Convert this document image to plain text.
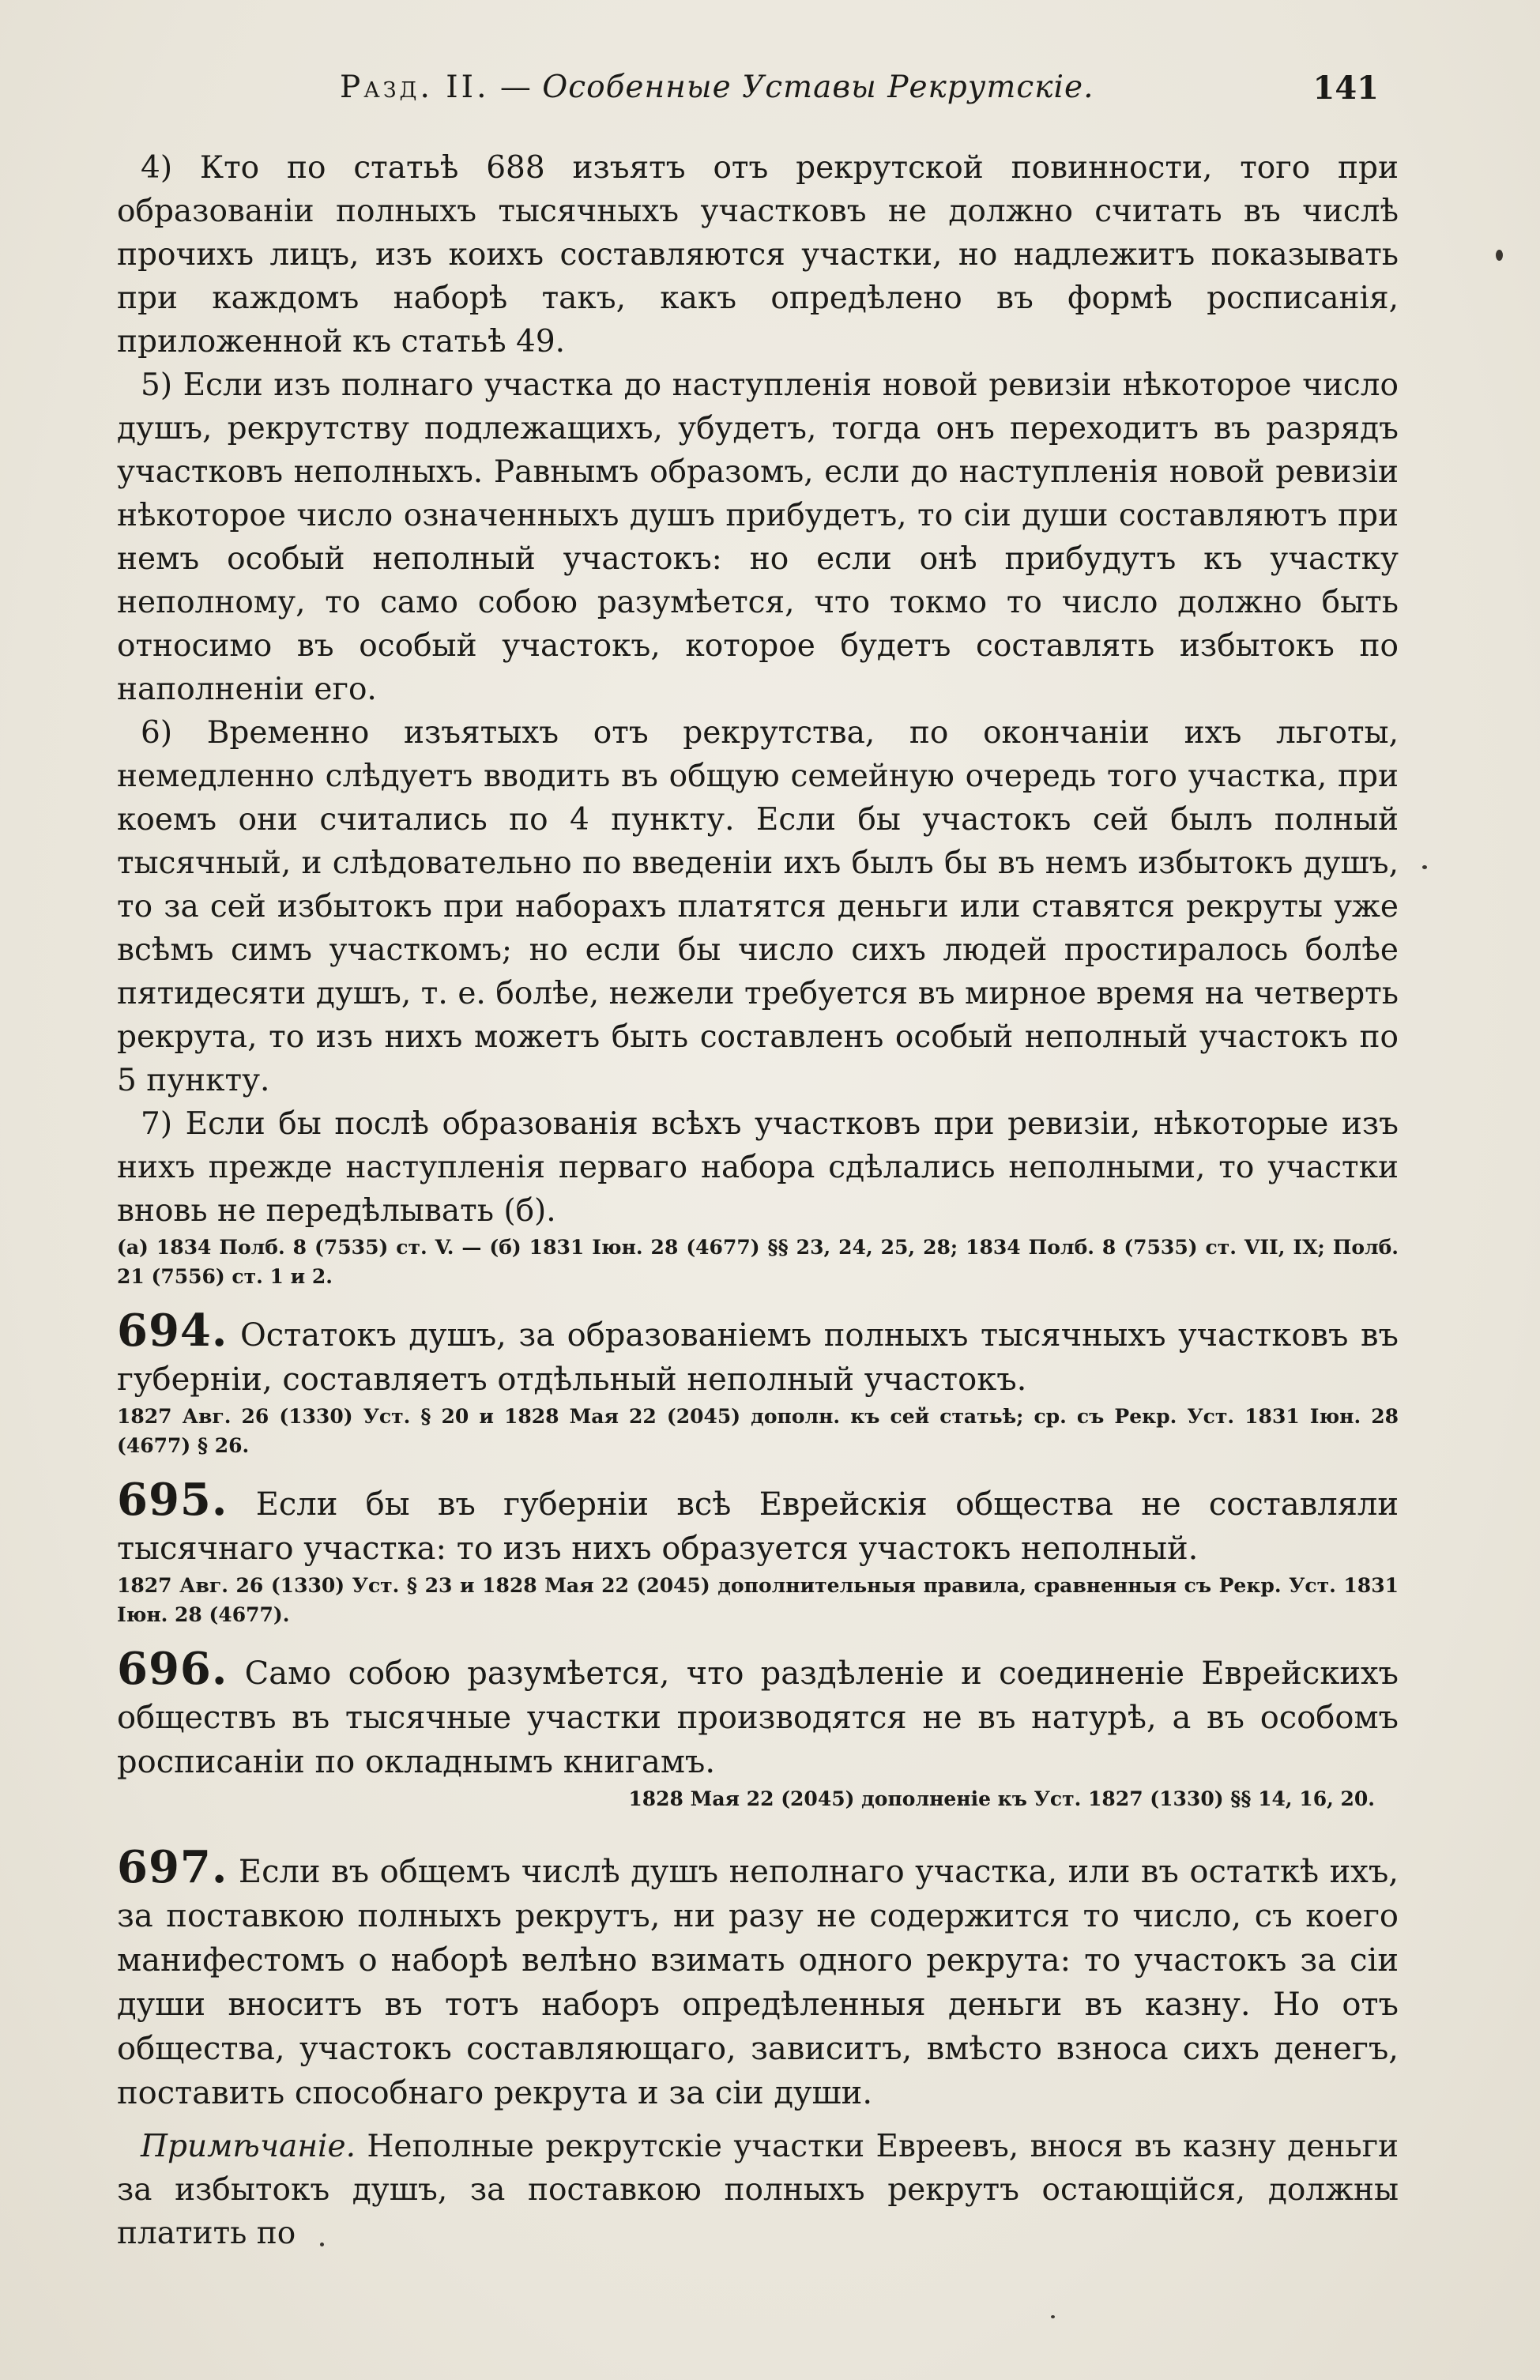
Разд. II. — Особенные Уставы Рекрутскіе.	141

4) Кто по статьѣ 688 изъятъ отъ рекрутской повинности, того при образованіи полныхъ тысячныхъ участковъ не должно считать въ числѣ прочихъ лицъ, изъ коихъ составляются участки, но надлежитъ показывать при каждомъ наборѣ такъ, какъ опредѣлено въ формѣ росписанія, приложенной къ статьѣ 49.

5) Если изъ полнаго участка до наступленія новой ревизіи нѣкоторое число душъ, рекрутству подлежащихъ, убудетъ, тогда онъ переходитъ въ разрядъ участковъ неполныхъ. Равнымъ образомъ, если до наступленія новой ревизіи нѣкоторое число означенныхъ душъ прибудетъ, то сіи души составляютъ при немъ особый неполный участокъ: но если онѣ прибудутъ къ участку неполному, то само собою разумѣется, что токмо то число должно быть относимо въ особый участокъ, которое будетъ составлять избытокъ по наполненіи его.

6) Временно изъятыхъ отъ рекрутства, по окончаніи ихъ льготы, немедленно слѣдуетъ вводить въ общую семейную очередь того участка, при коемъ они считались по 4 пункту. Если бы участокъ сей былъ полный тысячный, и слѣдовательно по введеніи ихъ былъ бы въ немъ избытокъ душъ, то за сей избытокъ при наборахъ платятся деньги или ставятся рекруты уже всѣмъ симъ участкомъ; но если бы число сихъ людей простиралось болѣе пятидесяти душъ, т. е. болѣе, нежели требуется въ мирное время на четверть рекрута, то изъ нихъ можетъ быть составленъ особый неполный участокъ по 5 пункту.

7) Если бы послѣ образованія всѣхъ участковъ при ревизіи, нѣкоторые изъ нихъ прежде наступленія перваго набора сдѣлались неполными, то участки вновь не передѣлывать (б).

(а) 1834 Полб. 8 (7535) ст. V. — (б) 1831 Іюн. 28 (4677) §§ 23, 24, 25, 28; 1834 Полб. 8 (7535) ст. VII, IX; Полб. 21 (7556) ст. 1 и 2.

694. Остатокъ душъ, за образованіемъ полныхъ тысячныхъ участковъ въ губерніи, составляетъ отдѣльный неполный участокъ.

1827 Авг. 26 (1330) Уст. § 20 и 1828 Мая 22 (2045) дополн. къ сей статьѣ; ср. съ Рекр. Уст. 1831 Іюн. 28 (4677) § 26.

695. Если бы въ губерніи всѣ Еврейскія общества не составляли тысячнаго участка: то изъ нихъ образуется участокъ неполный.

1827 Авг. 26 (1330) Уст. § 23 и 1828 Мая 22 (2045) дополнительныя правила, сравненныя съ Рекр. Уст. 1831 Іюн. 28 (4677).

696. Само собою разумѣется, что раздѣленіе и соединеніе Еврейскихъ обществъ въ тысячные участки производятся не въ натурѣ, а въ особомъ росписаніи по окладнымъ книгамъ.

1828 Мая 22 (2045) дополненіе къ Уст. 1827 (1330) §§ 14, 16, 20.

697. Если въ общемъ числѣ душъ неполнаго участка, или въ остаткѣ ихъ, за поставкою полныхъ рекрутъ, ни разу не содержится то число, съ коего манифестомъ о наборѣ велѣно взимать одного рекрута: то участокъ за сіи души вноситъ въ тотъ наборъ опредѣленныя деньги въ казну. Но отъ общества, участокъ составляющаго, зависитъ, вмѣсто взноса сихъ денегъ, поставить способнаго рекрута и за сіи души.

Примѣчаніе. Неполные рекрутскіе участки Евреевъ, внося въ казну деньги за избытокъ душъ, за поставкою полныхъ рекрутъ остающійся, должны платить по
